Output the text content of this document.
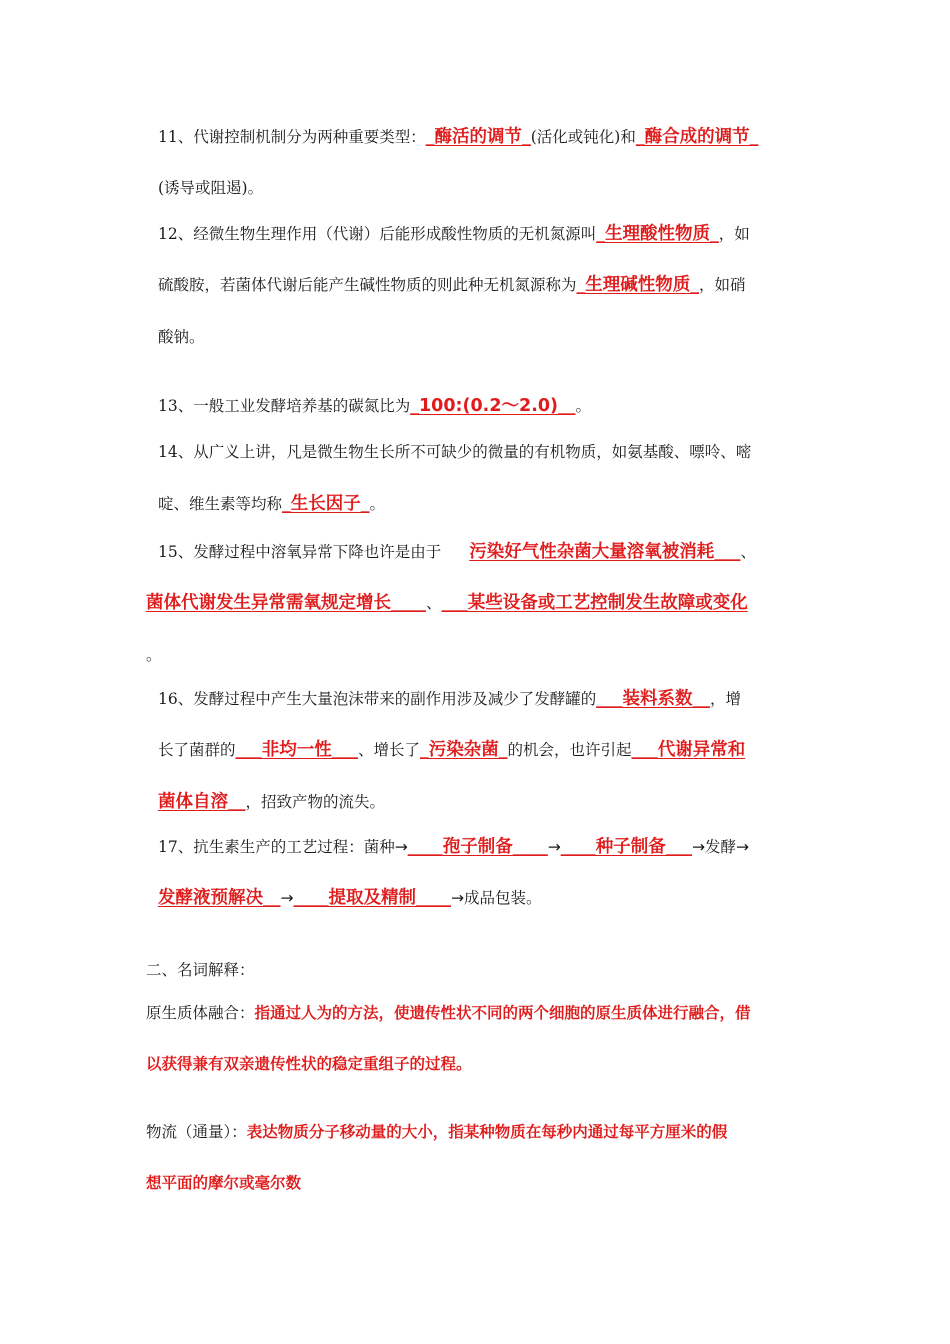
11、代谢控制机制分为两种重要类型：_酶活的调节_(活化或钝化)和_酶合成的调节_
(诱导或阻遏)。
12、经微生物生理作用（代谢）后能形成酸性物质的无机氮源叫_生理酸性物质_，如
硫酸胺，若菌体代谢后能产生碱性物质的则此种无机氮源称为_生理碱性物质_，如硝
酸钠。
13、一般工业发酵培养基的碳氮比为_100:(0.2～2.0)__。
14、从广义上讲，凡是微生物生长所不可缺少的微量的有机物质，如氨基酸、嘌呤、嘧
啶、维生素等均称_生长因子_。
15、发酵过程中溶氧异常下降也许是由于 污染好气性杂菌大量溶氧被消耗___、
菌体代谢发生异常需氧规定增长____、___某些设备或工艺控制发生故障或变化
。
16、发酵过程中产生大量泡沫带来的副作用涉及减少了发酵罐的___装料系数__，增
长了菌群的___非均一性___、增长了_污染杂菌_的机会，也许引起___代谢异常和
菌体自溶__，招致产物的流失。
17、抗生素生产的工艺过程：菌种→____孢子制备____→____种子制备___→发酵→
发酵液预解决__→____提取及精制____→成品包装。
二、名词解释：
原生质体融合：指通过人为的方法，使遗传性状不同的两个细胞的原生质体进行融合，借
以获得兼有双亲遗传性状的稳定重组子的过程。
物流（通量）：表达物质分子移动量的大小，指某种物质在每秒内通过每平方厘米的假
想平面的摩尔或毫尔数
